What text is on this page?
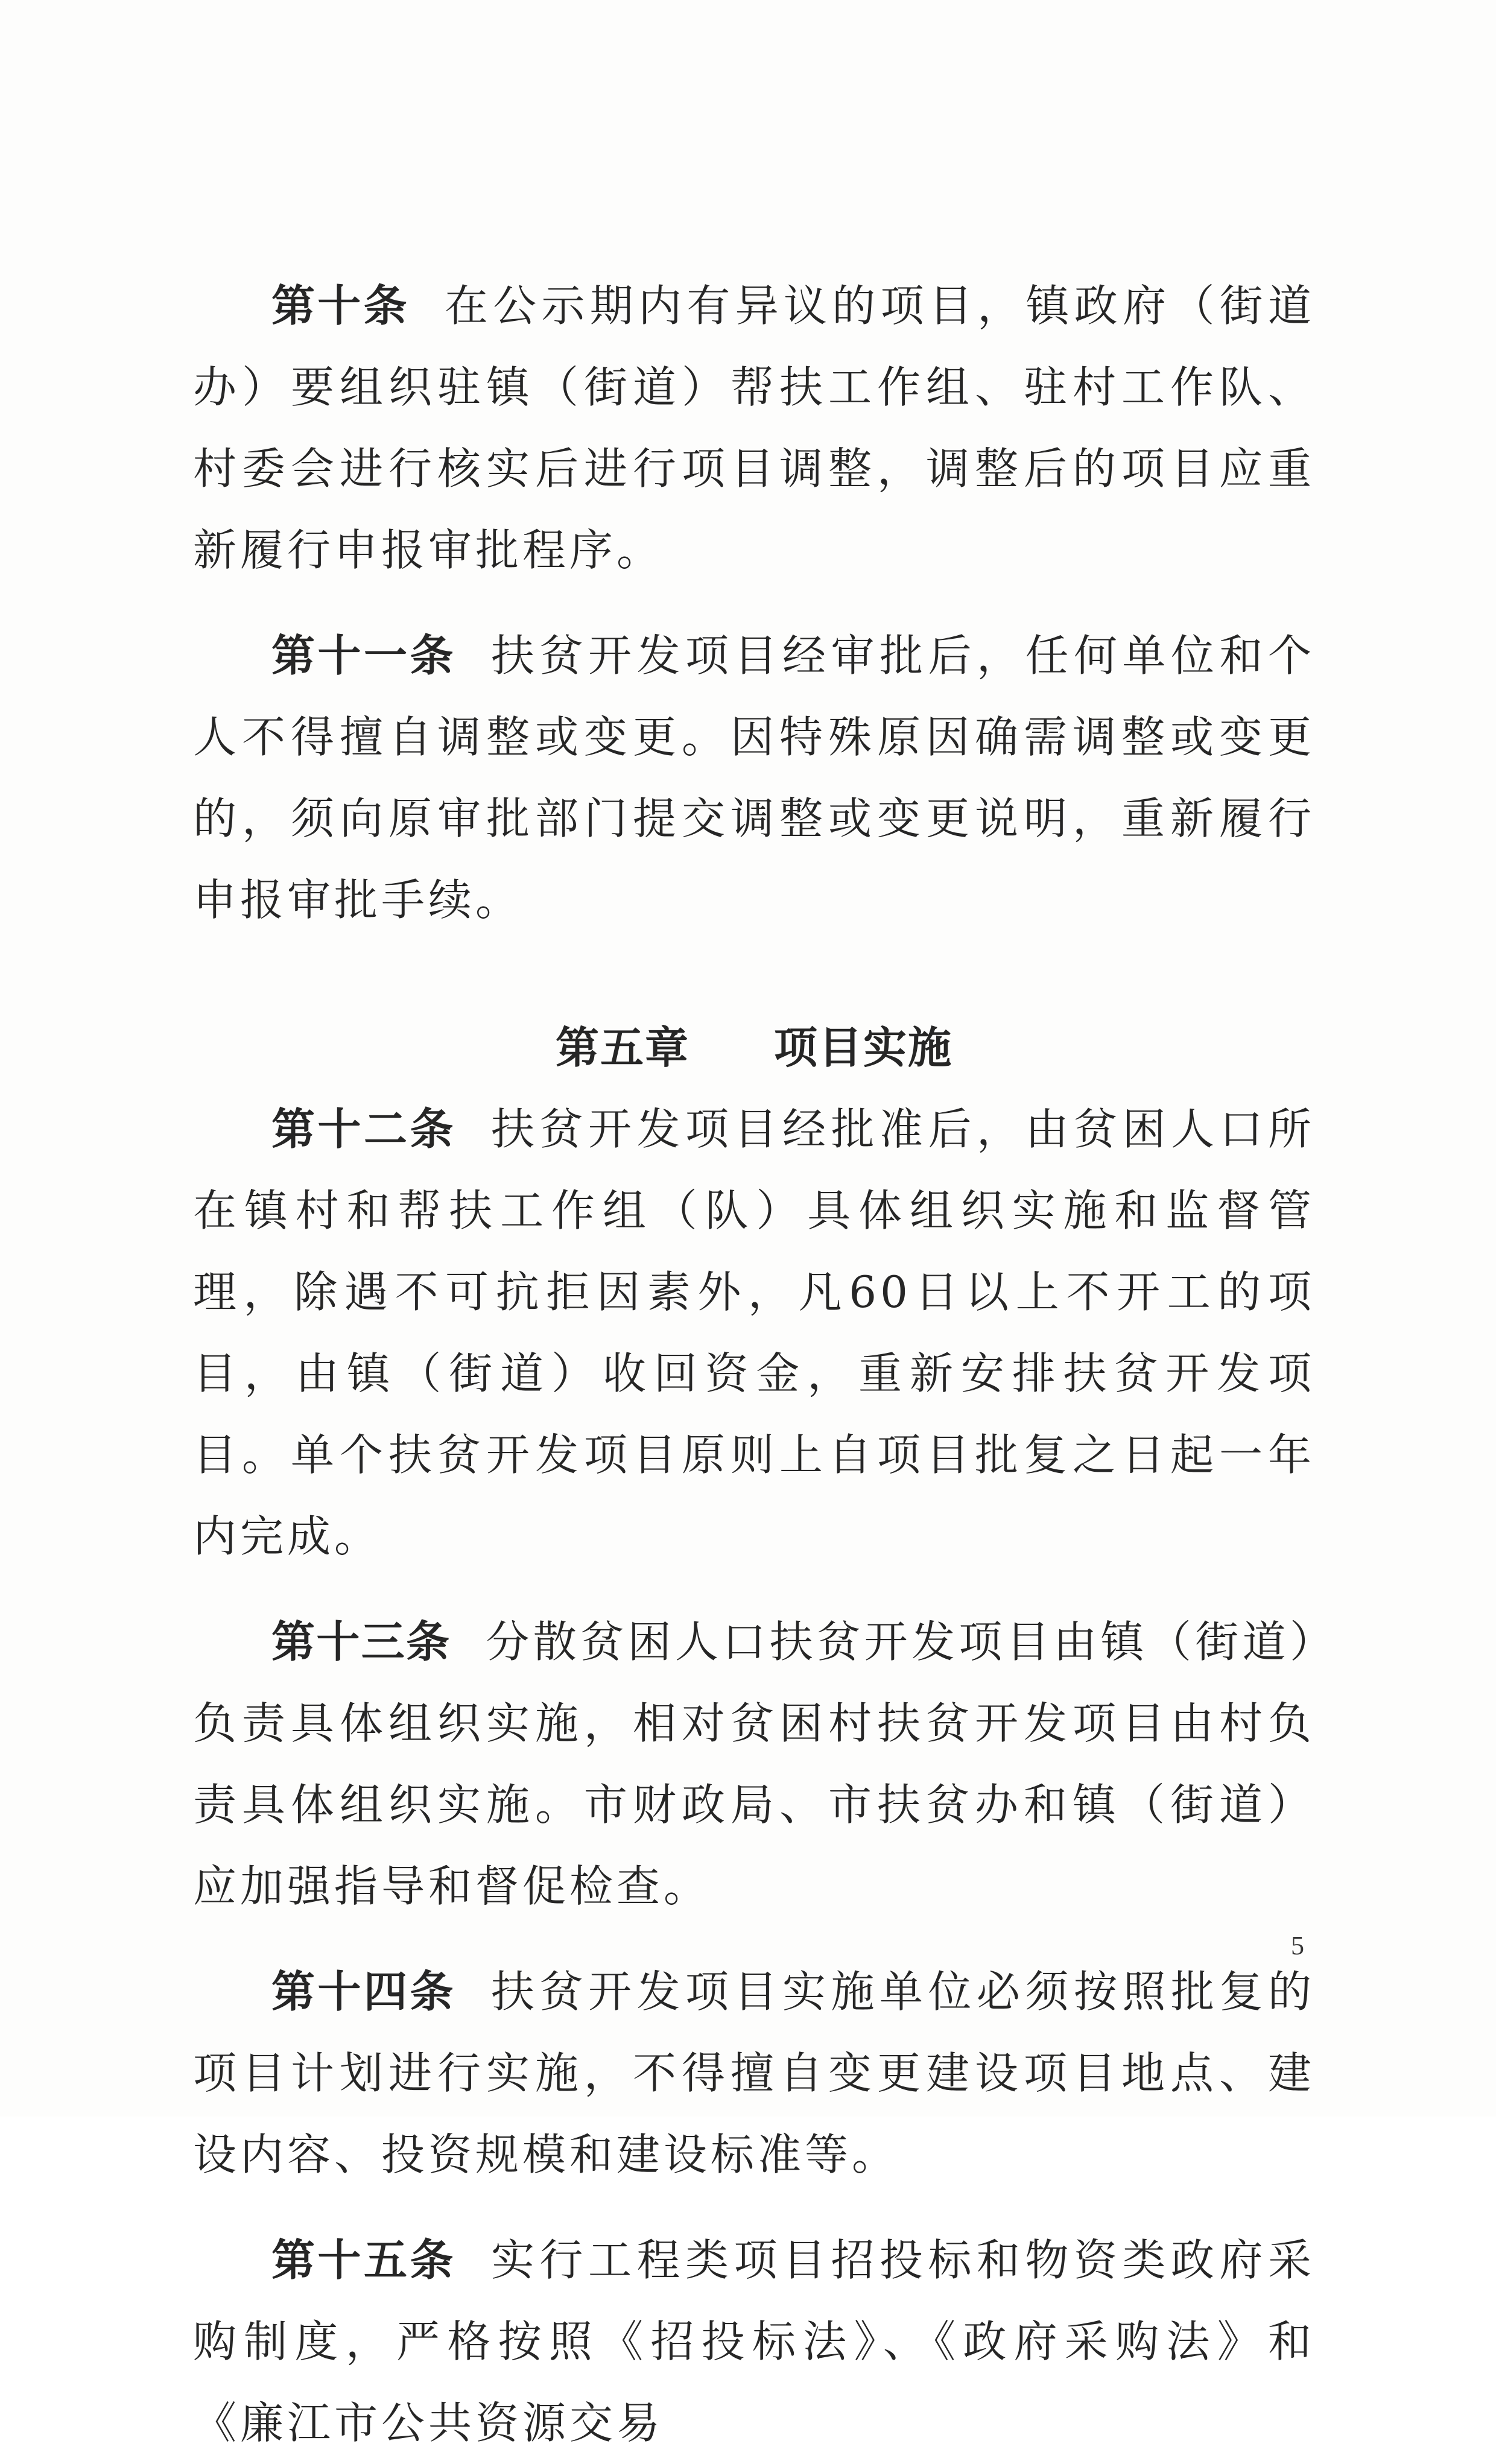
第十条 在公示期内有异议的项目，镇政府（街道办）要组织驻镇（街道）帮扶工作组、驻村工作队、村委会进行核实后进行项目调整，调整后的项目应重新履行申报审批程序。

第十一条 扶贫开发项目经审批后，任何单位和个人不得擅自调整或变更。因特殊原因确需调整或变更的，须向原审批部门提交调整或变更说明，重新履行申报审批手续。

第五章 项目实施

第十二条 扶贫开发项目经批准后，由贫困人口所在镇村和帮扶工作组（队）具体组织实施和监督管理，除遇不可抗拒因素外，凡60日以上不开工的项目，由镇（街道）收回资金，重新安排扶贫开发项目。单个扶贫开发项目原则上自项目批复之日起一年内完成。

第十三条 分散贫困人口扶贫开发项目由镇（街道）负责具体组织实施，相对贫困村扶贫开发项目由村负责具体组织实施。市财政局、市扶贫办和镇（街道）应加强指导和督促检查。

第十四条 扶贫开发项目实施单位必须按照批复的项目计划进行实施，不得擅自变更建设项目地点、建设内容、投资规模和建设标准等。

第十五条 实行工程类项目招投标和物资类政府采购制度，严格按照《招投标法》、《政府采购法》和《廉江市公共资源交易

5
